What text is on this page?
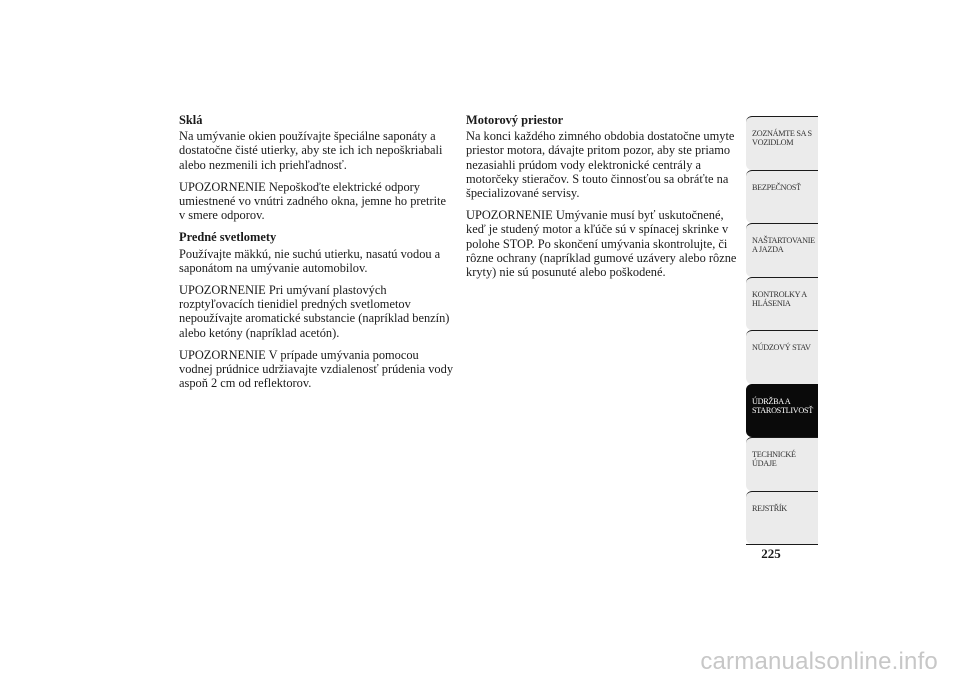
Sklá
Na umývanie okien používajte špeciálne saponáty a dostatočne čisté utierky, aby ste ich ich nepoškriabali alebo nezmenili ich priehľadnosť.
UPOZORNENIE Nepoškoďte elektrické odpory umiestnené vo vnútri zadného okna, jemne ho pretrite v smere odporov.
Predné svetlomety
Používajte mäkkú, nie suchú utierku, nasatú vodou a saponátom na umývanie automobilov.
UPOZORNENIE Pri umývaní plastových rozptyľovacích tienidiel predných svetlometov nepoužívajte aromatické substancie (napríklad benzín) alebo ketóny (napríklad acetón).
UPOZORNENIE V prípade umývania pomocou vodnej prúdnice udržiavajte vzdialenosť prúdenia vody aspoň 2 cm od reflektorov.
Motorový priestor
Na konci každého zimného obdobia dostatočne umyte priestor motora, dávajte pritom pozor, aby ste priamo nezasiahli prúdom vody elektronické centrály a motorčeky stieračov. S touto činnosťou sa obráťte na špecializované servisy.
UPOZORNENIE Umývanie musí byť uskutočnené, keď je studený motor a kľúče sú v spínacej skrinke v polohe STOP. Po skončení umývania skontrolujte, či rôzne ochrany (napríklad gumové uzávery alebo rôzne kryty) nie sú posunuté alebo poškodené.
ZOZNÁMTE SA S
VOZIDLOM
BEZPEČNOSŤ
NAŠTARTOVANIE
A JAZDA
KONTROLKY A
HLÁSENIA
NÚDZOVÝ STAV
ÚDRŽBA A
STAROSTLIVOSŤ
TECHNICKÉ
ÚDAJE
REJSTŘÍK
225
carmanualsonline.info
